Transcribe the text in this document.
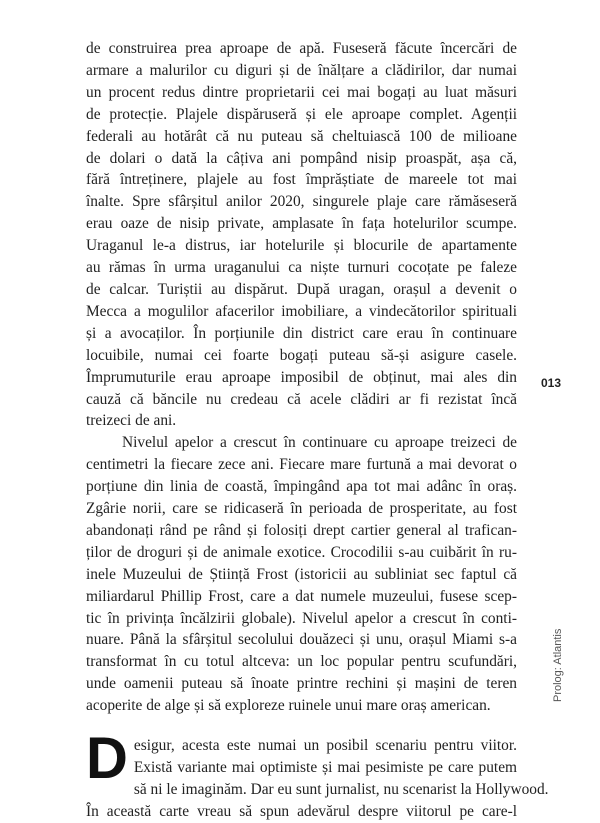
de construirea prea aproape de apă. Fuseseră făcute încercări de
armare a malurilor cu diguri și de înălțare a clădirilor, dar numai
un procent redus dintre proprietarii cei mai bogați au luat măsuri
de protecție. Plajele dispăruseră și ele aproape complet. Agenții
federali au hotărât că nu puteau să cheltuiască 100 de milioane
de dolari o dată la câțiva ani pompând nisip proaspăt, așa că,
fără întreținere, plajele au fost împrăștiate de mareele tot mai
înalte. Spre sfârșitul anilor 2020, singurele plaje care rămăseseră
erau oaze de nisip private, amplasate în fața hotelurilor scumpe.
Uraganul le-a distrus, iar hotelurile și blocurile de apartamente
au rămas în urma uraganului ca niște turnuri cocoțate pe faleze
de calcar. Turiștii au dispărut. După uragan, orașul a devenit o
Mecca a mogulilor afacerilor imobiliare, a vindecătorilor spirituali
și a avocaților. În porțiunile din district care erau în continuare
locuibile, numai cei foarte bogați puteau să-și asigure casele.
Împrumuturile erau aproape imposibil de obținut, mai ales din
cauză că băncile nu credeau că acele clădiri ar fi rezistat încă
treizeci de ani.

Nivelul apelor a crescut în continuare cu aproape treizeci de
centimetri la fiecare zece ani. Fiecare mare furtună a mai devorat o
porțiune din linia de coastă, împingând apa tot mai adânc în oraș.
Zgârie norii, care se ridicaseră în perioada de prosperitate, au fost
abandonați rând pe rând și folosiți drept cartier general al trafican-
ților de droguri și de animale exotice. Crocodilii s-au cuibărit în ru-
inele Muzeului de Știință Frost (istoricii au subliniat sec faptul că
miliardarul Phillip Frost, care a dat numele muzeului, fusese scep-
tic în privința încălzirii globale). Nivelul apelor a crescut în conti-
nuare. Până la sfârșitul secolului douăzeci și unu, orașul Miami s-a
transformat în cu totul altceva: un loc popular pentru scufundări,
unde oamenii puteau să înoate printre rechini și mașini de teren
acoperite de alge și să exploreze ruinele unui mare oraș american.

D esigur, acesta este numai un posibil scenariu pentru viitor.
Există variante mai optimiste și mai pesimiste pe care putem
să ni le imaginăm. Dar eu sunt jurnalist, nu scenarist la Hollywood.
În această carte vreau să spun adevărul despre viitorul pe care-l

013
Prolog: Atlantis
